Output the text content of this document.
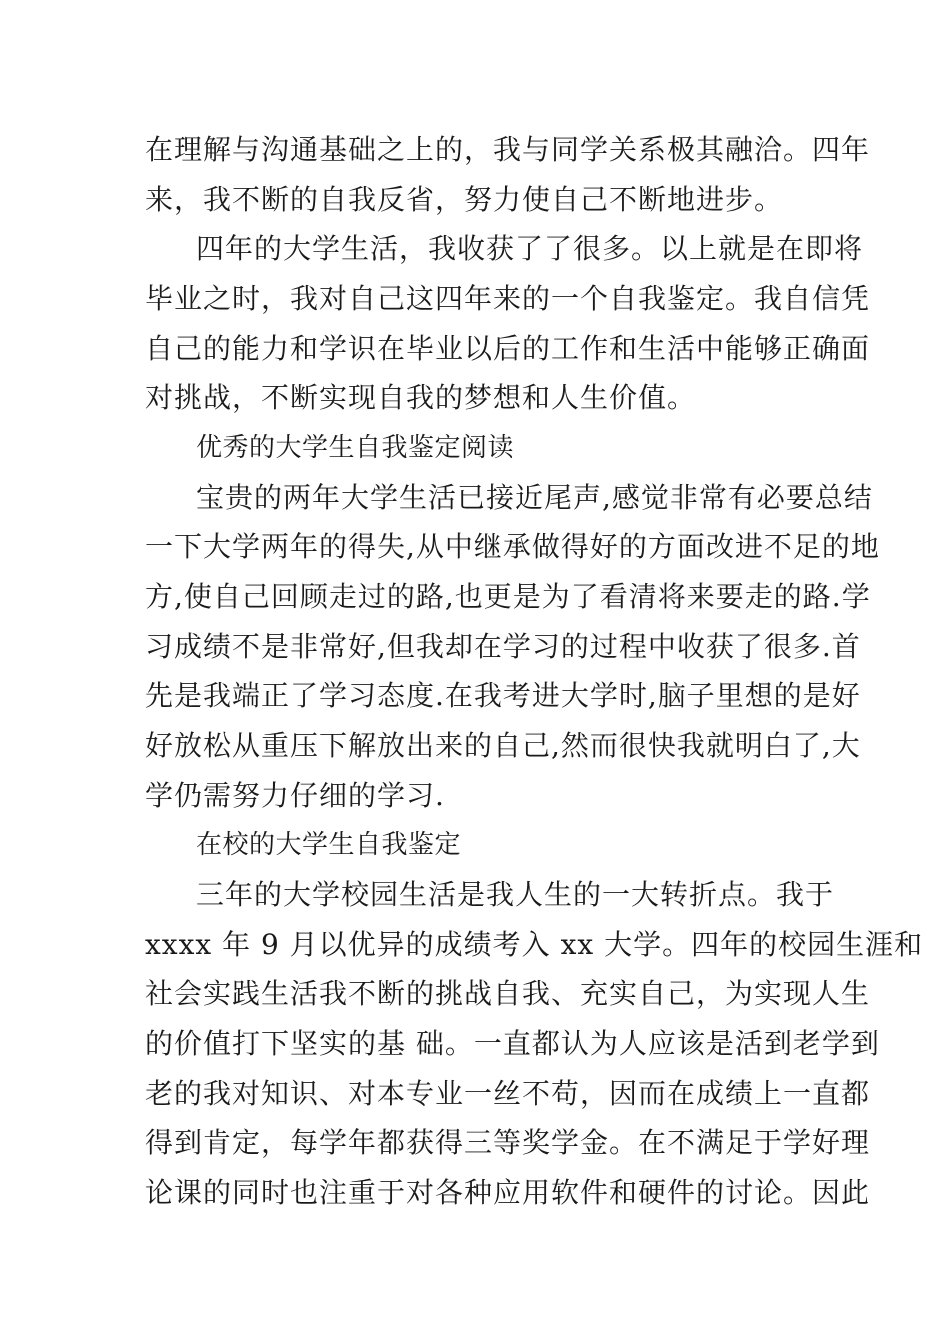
在理解与沟通基础之上的，我与同学关系极其融洽。四年
来，我不断的自我反省，努力使自己不断地进步。
四年的大学生活，我收获了了很多。以上就是在即将
毕业之时，我对自己这四年来的一个自我鉴定。我自信凭
自己的能力和学识在毕业以后的工作和生活中能够正确面
对挑战，不断实现自我的梦想和人生价值。
优秀的大学生自我鉴定阅读
宝贵的两年大学生活已接近尾声,感觉非常有必要总结
一下大学两年的得失,从中继承做得好的方面改进不足的地
方,使自己回顾走过的路,也更是为了看清将来要走的路.学
习成绩不是非常好,但我却在学习的过程中收获了很多.首
先是我端正了学习态度.在我考进大学时,脑子里想的是好
好放松从重压下解放出来的自己,然而很快我就明白了,大
学仍需努力仔细的学习.
在校的大学生自我鉴定
三年的大学校园生活是我人生的一大转折点。我于
xxxx 年 9 月以优异的成绩考入 xx 大学。四年的校园生涯和
社会实践生活我不断的挑战自我、充实自己，为实现人生
的价值打下坚实的基 础。一直都认为人应该是活到老学到
老的我对知识、对本专业一丝不苟，因而在成绩上一直都
得到肯定，每学年都获得三等奖学金。在不满足于学好理
论课的同时也注重于对各种应用软件和硬件的讨论。因此
